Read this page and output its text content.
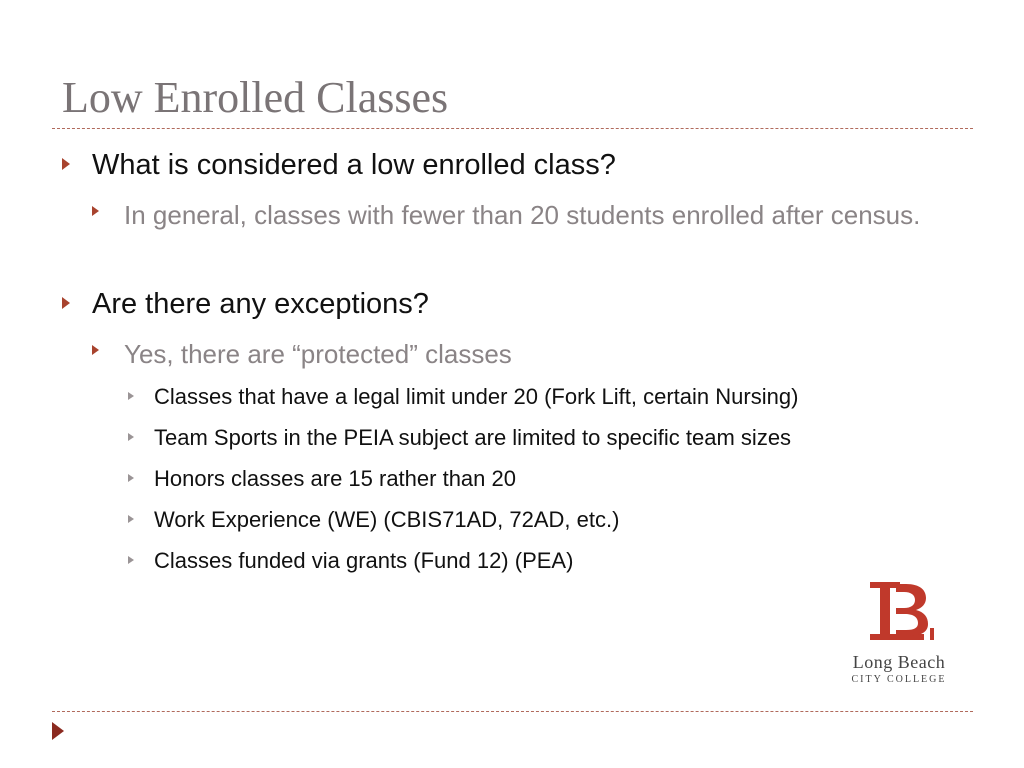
Low Enrolled Classes
What is considered a low enrolled class?
In general, classes with fewer than 20 students enrolled after census.
Are there any exceptions?
Yes, there are “protected” classes
Classes that have a legal limit under 20 (Fork Lift, certain Nursing)
Team Sports in the PEIA subject are limited to specific team sizes
Honors classes are 15 rather than 20
Work Experience (WE) (CBIS71AD, 72AD, etc.)
Classes funded via grants (Fund 12) (PEA)
Long Beach
CITY COLLEGE
